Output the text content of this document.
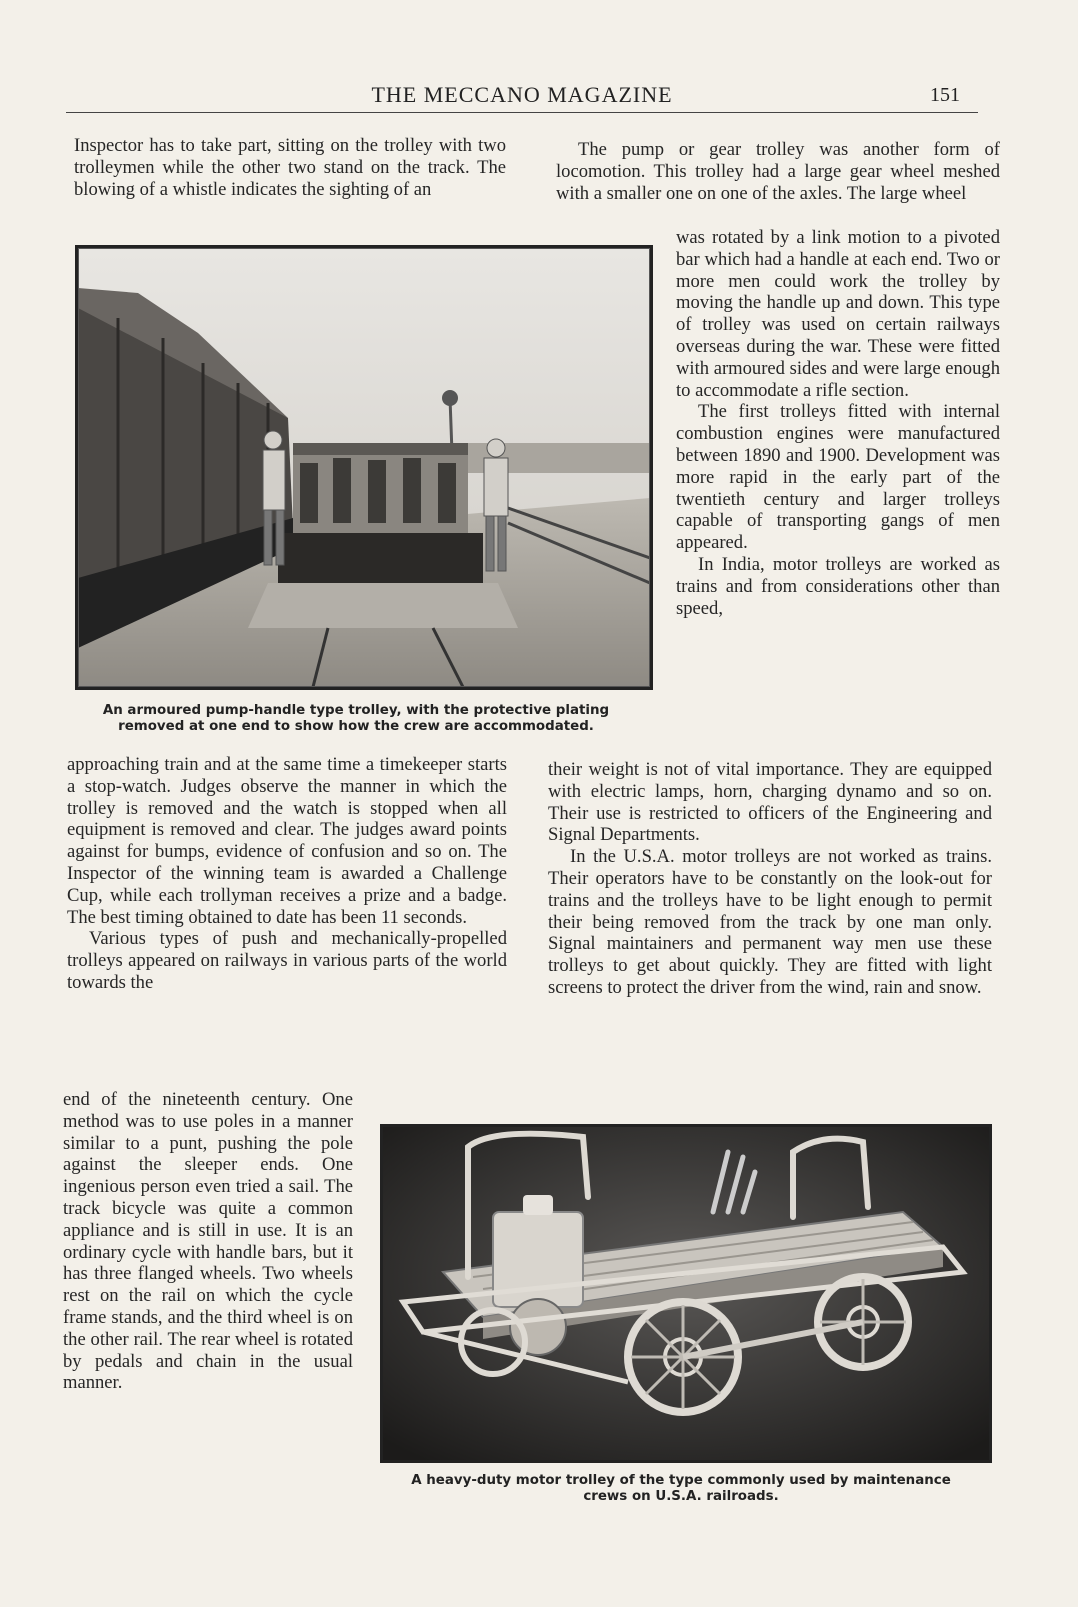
THE MECCANO MAGAZINE	151

Inspector has to take part, sitting on the trolley with two trolleymen while the other two stand on the track. The blowing of a whistle indicates the sighting of an

An armoured pump-handle type trolley, with the protective plating
removed at one end to show how the crew are accommodated.

approaching train and at the same time a timekeeper starts a stop-watch. Judges observe the manner in which the trolley is removed and the watch is stopped when all equipment is removed and clear. The judges award points against for bumps, evidence of confusion and so on. The Inspector of the winning team is awarded a Challenge Cup, while each trollyman receives a prize and a badge. The best timing obtained to date has been 11 seconds.

Various types of push and mechanically-propelled trolleys appeared on railways in various parts of the world towards the

end of the nineteenth century. One method was to use poles in a manner similar to a punt, pushing the pole against the sleeper ends. One ingenious person even tried a sail. The track bicycle was quite a common appliance and is still in use. It is an ordinary cycle with handle bars, but it has three flanged wheels. Two wheels rest on the rail on which the cycle frame stands, and the third wheel is on the other rail. The rear wheel is rotated by pedals and chain in the usual manner.

The pump or gear trolley was another form of locomotion. This trolley had a large gear wheel meshed with a smaller one on one of the axles. The large wheel

was rotated by a link motion to a pivoted bar which had a handle at each end. Two or more men could work the trolley by moving the handle up and down. This type of trolley was used on certain railways overseas during the war. These were fitted with armoured sides and were large enough to accommodate a rifle section.

The first trolleys fitted with internal combustion engines were manufactured between 1890 and 1900. Development was more rapid in the early part of the twentieth century and larger trolleys capable of transporting gangs of men appeared.

In India, motor trolleys are worked as trains and from considerations other than speed,

their weight is not of vital importance. They are equipped with electric lamps, horn, charging dynamo and so on. Their use is restricted to officers of the Engineering and Signal Departments.

In the U.S.A. motor trolleys are not worked as trains. Their operators have to be constantly on the look-out for trains and the trolleys have to be light enough to permit their being removed from the track by one man only. Signal maintainers and permanent way men use these trolleys to get about quickly. They are fitted with light screens to protect the driver from the wind, rain and snow.

A heavy-duty motor trolley of the type commonly used by maintenance
crews on U.S.A. railroads.
